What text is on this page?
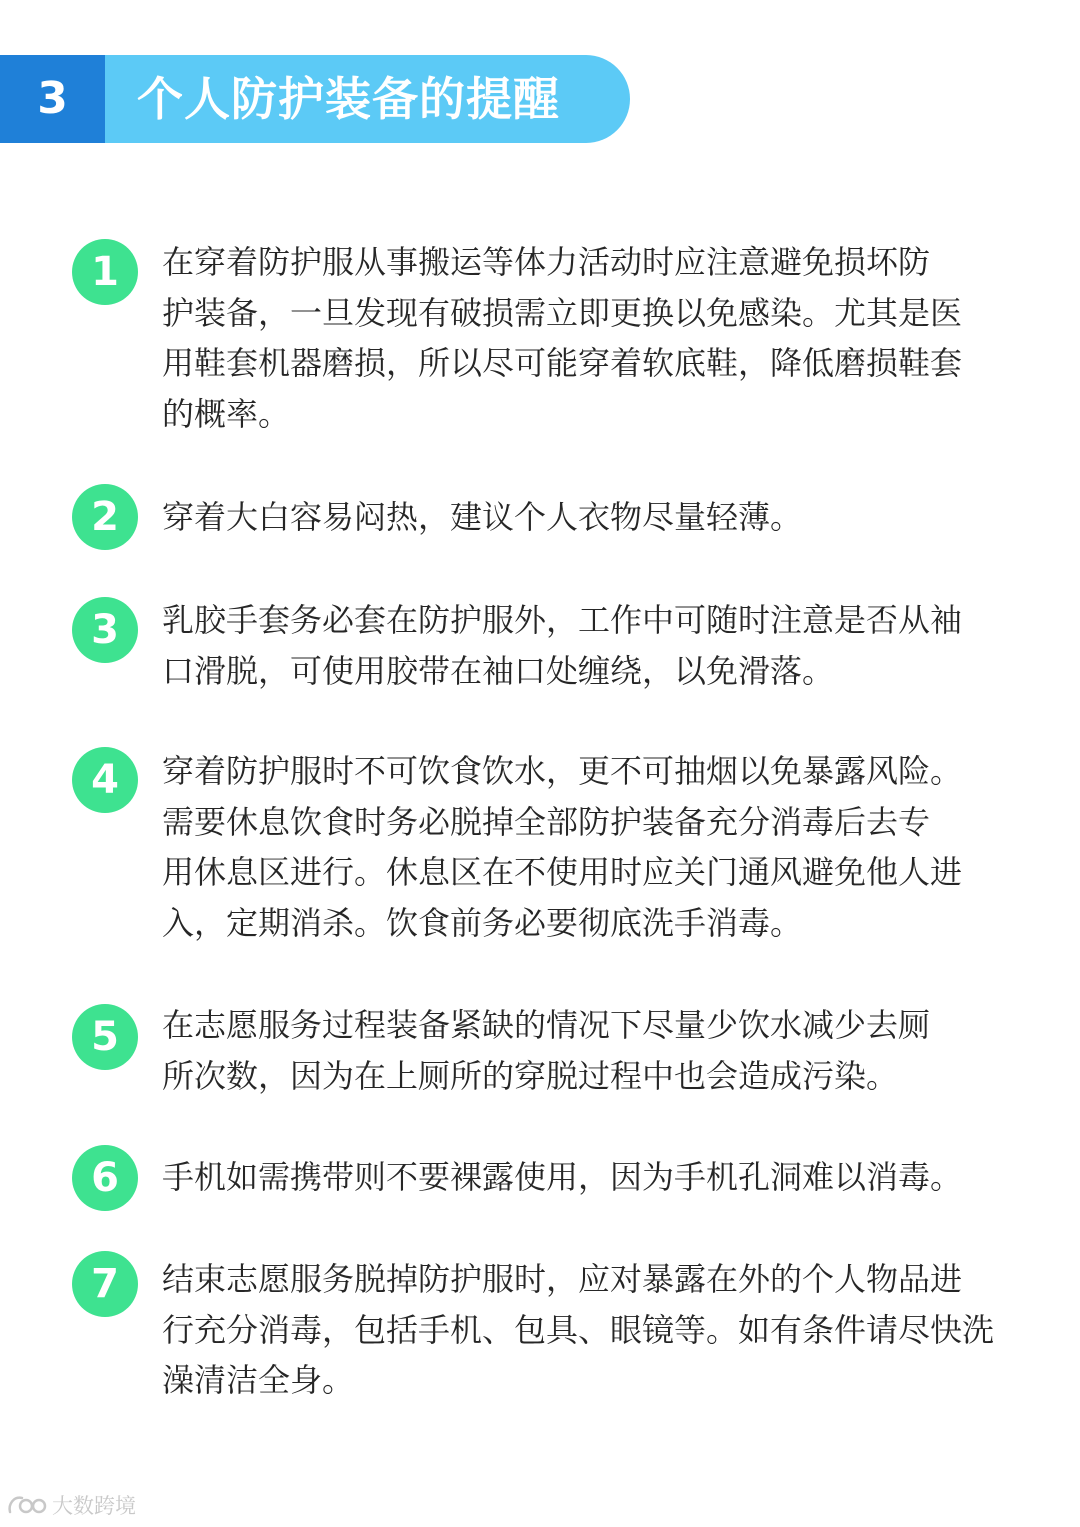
3	个人防护装备的提醒
1	在穿着防护服从事搬运等体力活动时应注意避免损坏防
护装备，一旦发现有破损需立即更换以免感染。尤其是医
用鞋套机器磨损，所以尽可能穿着软底鞋，降低磨损鞋套
的概率。
2	穿着大白容易闷热，建议个人衣物尽量轻薄。
3	乳胶手套务必套在防护服外，工作中可随时注意是否从袖
口滑脱，可使用胶带在袖口处缠绕，以免滑落。
4	穿着防护服时不可饮食饮水，更不可抽烟以免暴露风险。
需要休息饮食时务必脱掉全部防护装备充分消毒后去专
用休息区进行。休息区在不使用时应关门通风避免他人进
入，定期消杀。饮食前务必要彻底洗手消毒。
5	在志愿服务过程装备紧缺的情况下尽量少饮水减少去厕
所次数，因为在上厕所的穿脱过程中也会造成污染。
6	手机如需携带则不要裸露使用，因为手机孔洞难以消毒。
7	结束志愿服务脱掉防护服时，应对暴露在外的个人物品进
行充分消毒，包括手机、包具、眼镜等。如有条件请尽快洗
澡清洁全身。
大数跨境
